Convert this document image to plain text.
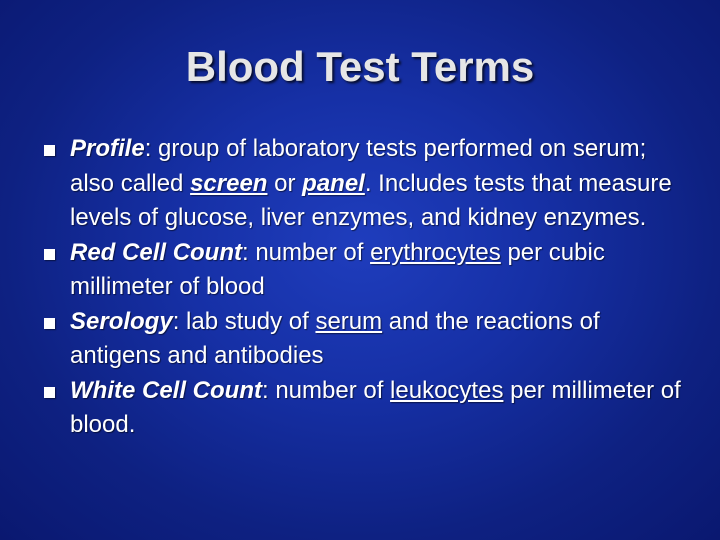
Blood Test Terms
Profile: group of laboratory tests performed on serum; also called screen or panel. Includes tests that measure levels of glucose, liver enzymes, and kidney enzymes.
Red Cell Count: number of erythrocytes per cubic millimeter of blood
Serology: lab study of serum and the reactions of antigens and antibodies
White Cell Count: number of leukocytes per millimeter of blood.
